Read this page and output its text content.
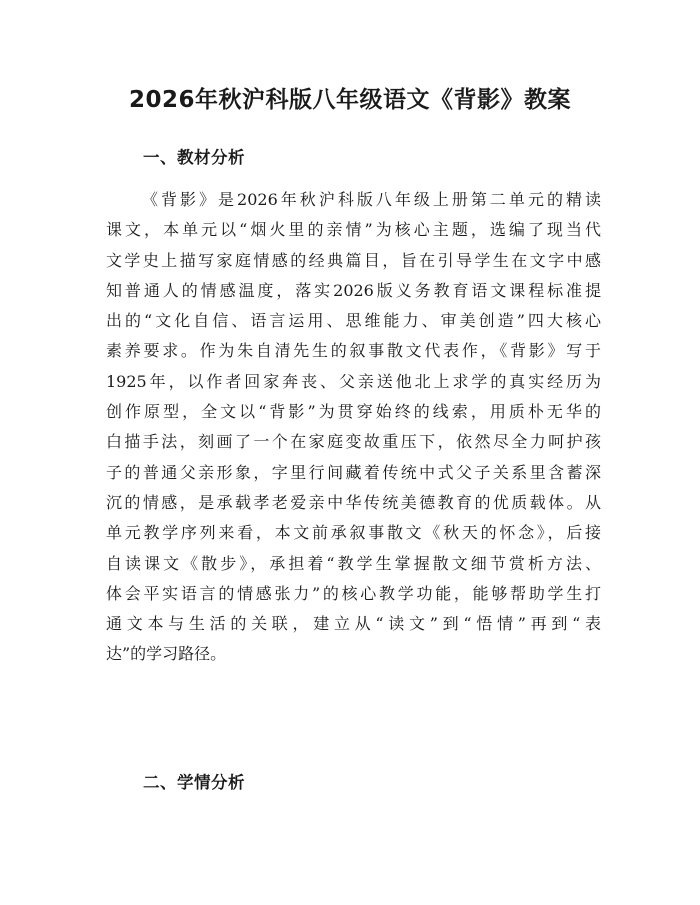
2026年秋沪科版八年级语文《背影》教案
一、教材分析
《背影》是2026年秋沪科版八年级上册第二单元的精读
课文，本单元以“烟火里的亲情”为核心主题，选编了现当代
文学史上描写家庭情感的经典篇目，旨在引导学生在文字中感
知普通人的情感温度，落实2026版义务教育语文课程标准提
出的“文化自信、语言运用、思维能力、审美创造”四大核心
素养要求。作为朱自清先生的叙事散文代表作，《背影》写于
1925年，以作者回家奔丧、父亲送他北上求学的真实经历为
创作原型，全文以“背影”为贯穿始终的线索，用质朴无华的
白描手法，刻画了一个在家庭变故重压下，依然尽全力呵护孩
子的普通父亲形象，字里行间藏着传统中式父子关系里含蓄深
沉的情感，是承载孝老爱亲中华传统美德教育的优质载体。从
单元教学序列来看，本文前承叙事散文《秋天的怀念》，后接
自读课文《散步》，承担着“教学生掌握散文细节赏析方法、
体会平实语言的情感张力”的核心教学功能，能够帮助学生打
通文本与生活的关联，建立从“读文”到“悟情”再到“表
达”的学习路径。
二、学情分析
